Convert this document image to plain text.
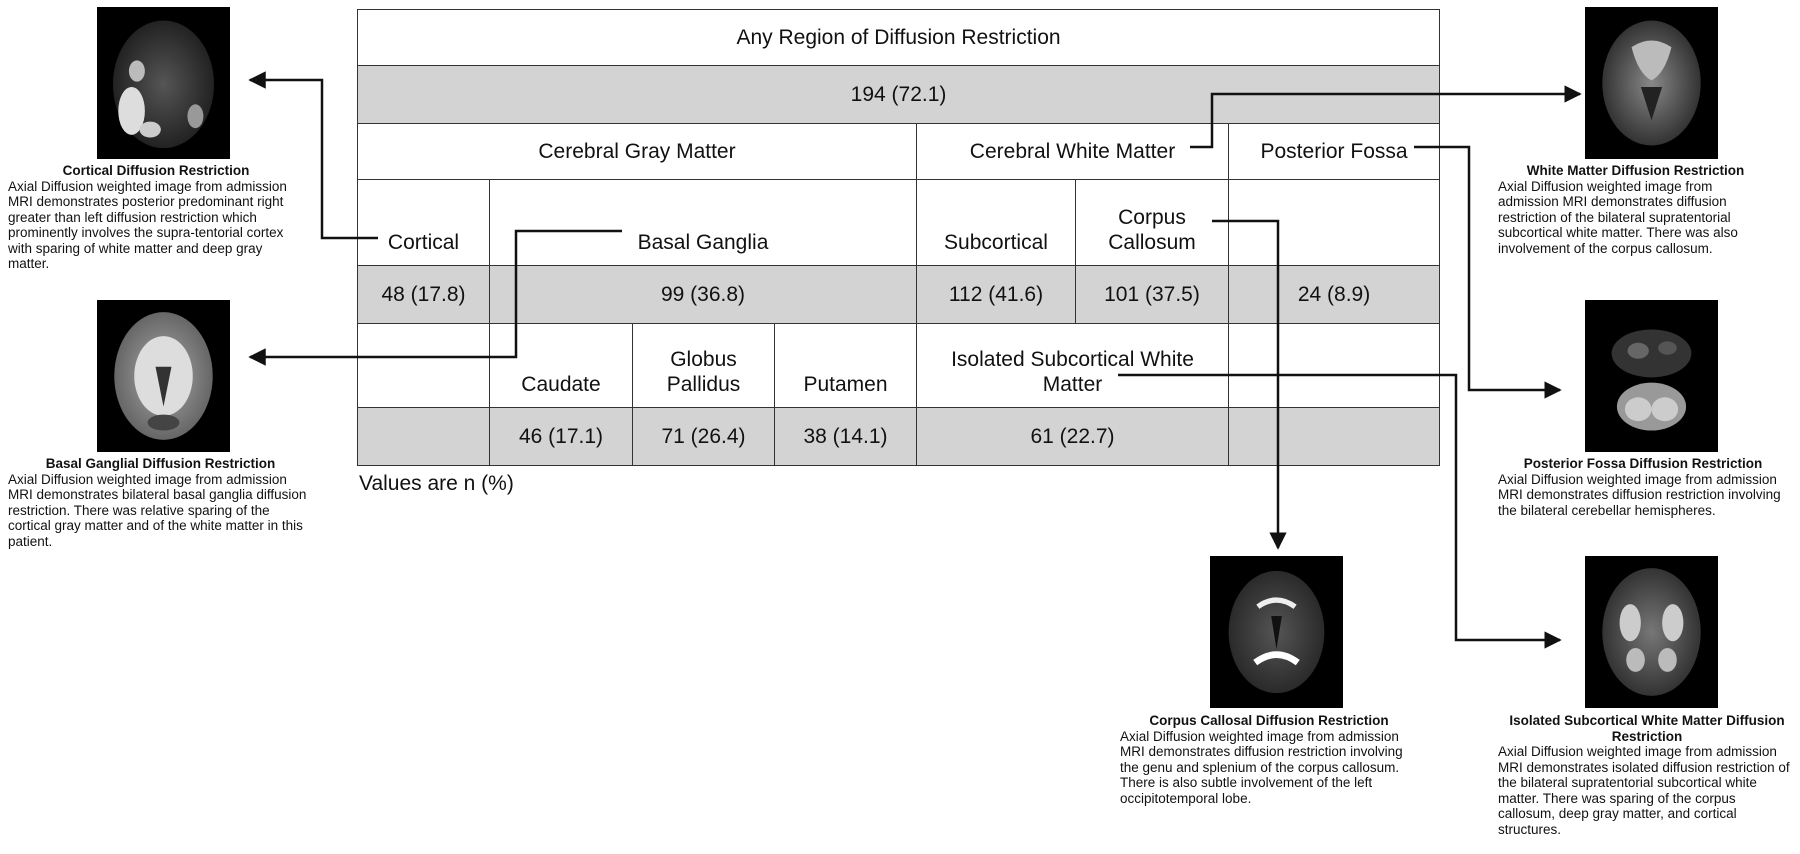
Any Region of Diffusion Restriction						
194 (72.1)						
Cerebral Gray Matter				Cerebral White Matter		Posterior Fossa
Cortical	Basal Ganglia			Subcortical	Corpus Callosum	
48 (17.8)	99 (36.8)			112 (41.6)	101 (37.5)	24 (8.9)
	Caudate	Globus Pallidus	Putamen	Isolated Subcortical White Matter		
	46 (17.1)	71 (26.4)	38 (14.1)	61 (22.7)		
Values are n (%)
Cortical Diffusion Restriction
Axial Diffusion weighted image from admission MRI demonstrates posterior predominant right greater than left diffusion restriction which prominently involves the supra-tentorial cortex with sparing of white matter and deep gray matter.
Basal Ganglial Diffusion Restriction
Axial Diffusion weighted image from admission MRI demonstrates bilateral basal ganglia diffusion restriction. There was relative sparing of the cortical gray matter and of the white matter in this patient.
White Matter Diffusion Restriction
Axial Diffusion weighted image from admission MRI demonstrates diffusion restriction of the bilateral supratentorial subcortical white matter. There was also involvement of the corpus callosum.
Posterior Fossa Diffusion Restriction
Axial Diffusion weighted image from admission MRI demonstrates diffusion restriction involving the bilateral cerebellar hemispheres.
Corpus Callosal Diffusion Restriction
Axial Diffusion weighted image from admission MRI demonstrates diffusion restriction involving the genu and splenium of the corpus callosum. There is also subtle involvement of the left occipitotemporal lobe.
Isolated Subcortical White Matter Diffusion Restriction
Axial Diffusion weighted image from admission MRI demonstrates isolated diffusion restriction of the bilateral supratentorial subcortical white matter. There was sparing of the corpus callosum, deep gray matter, and cortical structures.
